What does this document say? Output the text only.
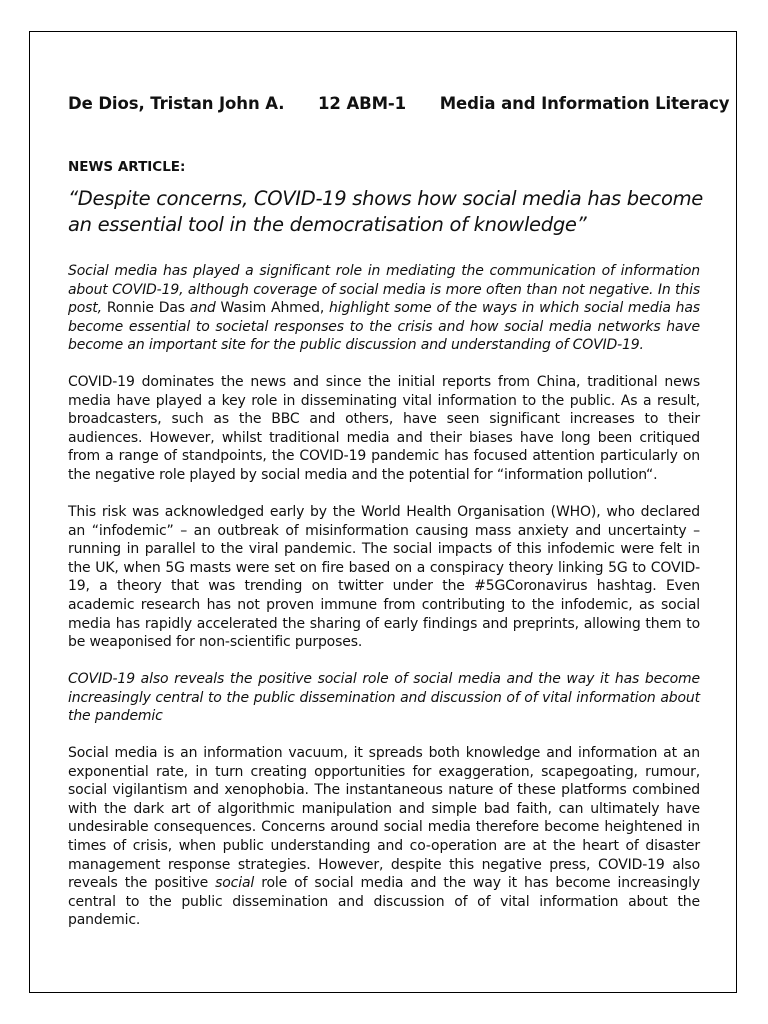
De Dios, Tristan John A. 12 ABM-1 Media and Information Literacy
NEWS ARTICLE:
“Despite concerns, COVID-19 shows how social media has become an essential tool in the democratisation of knowledge”
Social media has played a significant role in mediating the communication of information about COVID-19, although coverage of social media is more often than not negative. In this post, Ronnie Das and Wasim Ahmed, highlight some of the ways in which social media has become essential to societal responses to the crisis and how social media networks have become an important site for the public discussion and understanding of COVID-19.
COVID-19 dominates the news and since the initial reports from China, traditional news media have played a key role in disseminating vital information to the public. As a result, broadcasters, such as the BBC and others, have seen significant increases to their audiences. However, whilst traditional media and their biases have long been critiqued from a range of standpoints, the COVID-19 pandemic has focused attention particularly on the negative role played by social media and the potential for “information pollution“.
This risk was acknowledged early by the World Health Organisation (WHO), who declared an “infodemic” – an outbreak of misinformation causing mass anxiety and uncertainty – running in parallel to the viral pandemic. The social impacts of this infodemic were felt in the UK, when 5G masts were set on fire based on a conspiracy theory linking 5G to COVID-19, a theory that was trending on twitter under the #5GCoronavirus hashtag. Even academic research has not proven immune from contributing to the infodemic, as social media has rapidly accelerated the sharing of early findings and preprints, allowing them to be weaponised for non-scientific purposes.
COVID-19 also reveals the positive social role of social media and the way it has become increasingly central to the public dissemination and discussion of of vital information about the pandemic
Social media is an information vacuum, it spreads both knowledge and information at an exponential rate, in turn creating opportunities for exaggeration, scapegoating, rumour, social vigilantism and xenophobia. The instantaneous nature of these platforms combined with the dark art of algorithmic manipulation and simple bad faith, can ultimately have undesirable consequences. Concerns around social media therefore become heightened in times of crisis, when public understanding and co-operation are at the heart of disaster management response strategies. However, despite this negative press, COVID-19 also reveals the positive social role of social media and the way it has become increasingly central to the public dissemination and discussion of of vital information about the pandemic.
